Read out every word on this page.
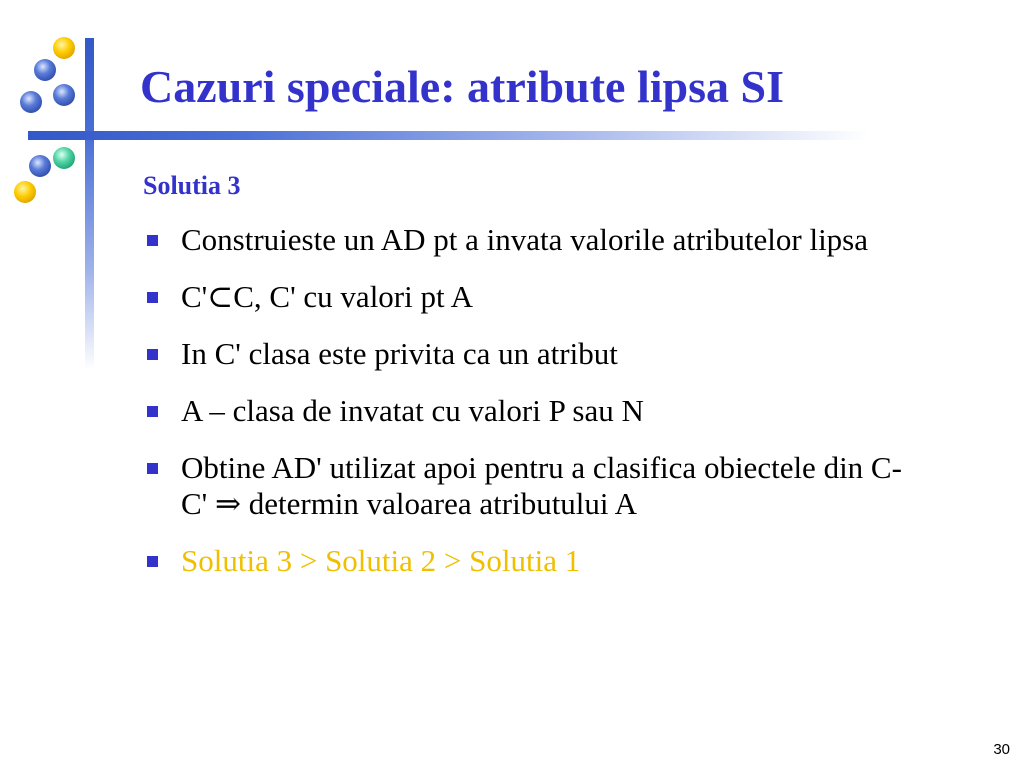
Cazuri speciale: atribute lipsa SI
Solutia 3
Construieste un AD pt a invata valorile atributelor lipsa
C'⊂C, C' cu valori pt A
In C' clasa este privita ca un atribut
A – clasa de invatat cu valori P sau N
Obtine AD' utilizat apoi pentru a clasifica obiectele din C-C' ⇒ determin valoarea atributului A
Solutia 3 > Solutia 2 > Solutia 1
30
